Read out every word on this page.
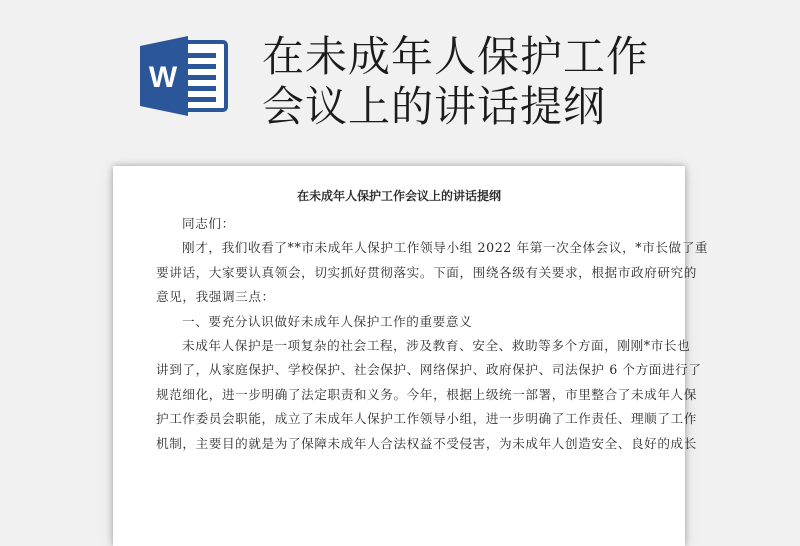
W 在未成年人保护工作
会议上的讲话提纲

在未成年人保护工作会议上的讲话提纲

同志们：

刚才，我们收看了**市未成年人保护工作领导小组 2022 年第一次全体会议，*市长做了重
要讲话，大家要认真领会，切实抓好贯彻落实。下面，围绕各级有关要求，根据市政府研究的
意见，我强调三点：

一、要充分认识做好未成年人保护工作的重要意义

未成年人保护是一项复杂的社会工程，涉及教育、安全、救助等多个方面，刚刚*市长也
讲到了，从家庭保护、学校保护、社会保护、网络保护、政府保护、司法保护 6 个方面进行了
规范细化，进一步明确了法定职责和义务。今年，根据上级统一部署，市里整合了未成年人保
护工作委员会职能，成立了未成年人保护工作领导小组，进一步明确了工作责任、理顺了工作
机制，主要目的就是为了保障未成年人合法权益不受侵害，为未成年人创造安全、良好的成长
